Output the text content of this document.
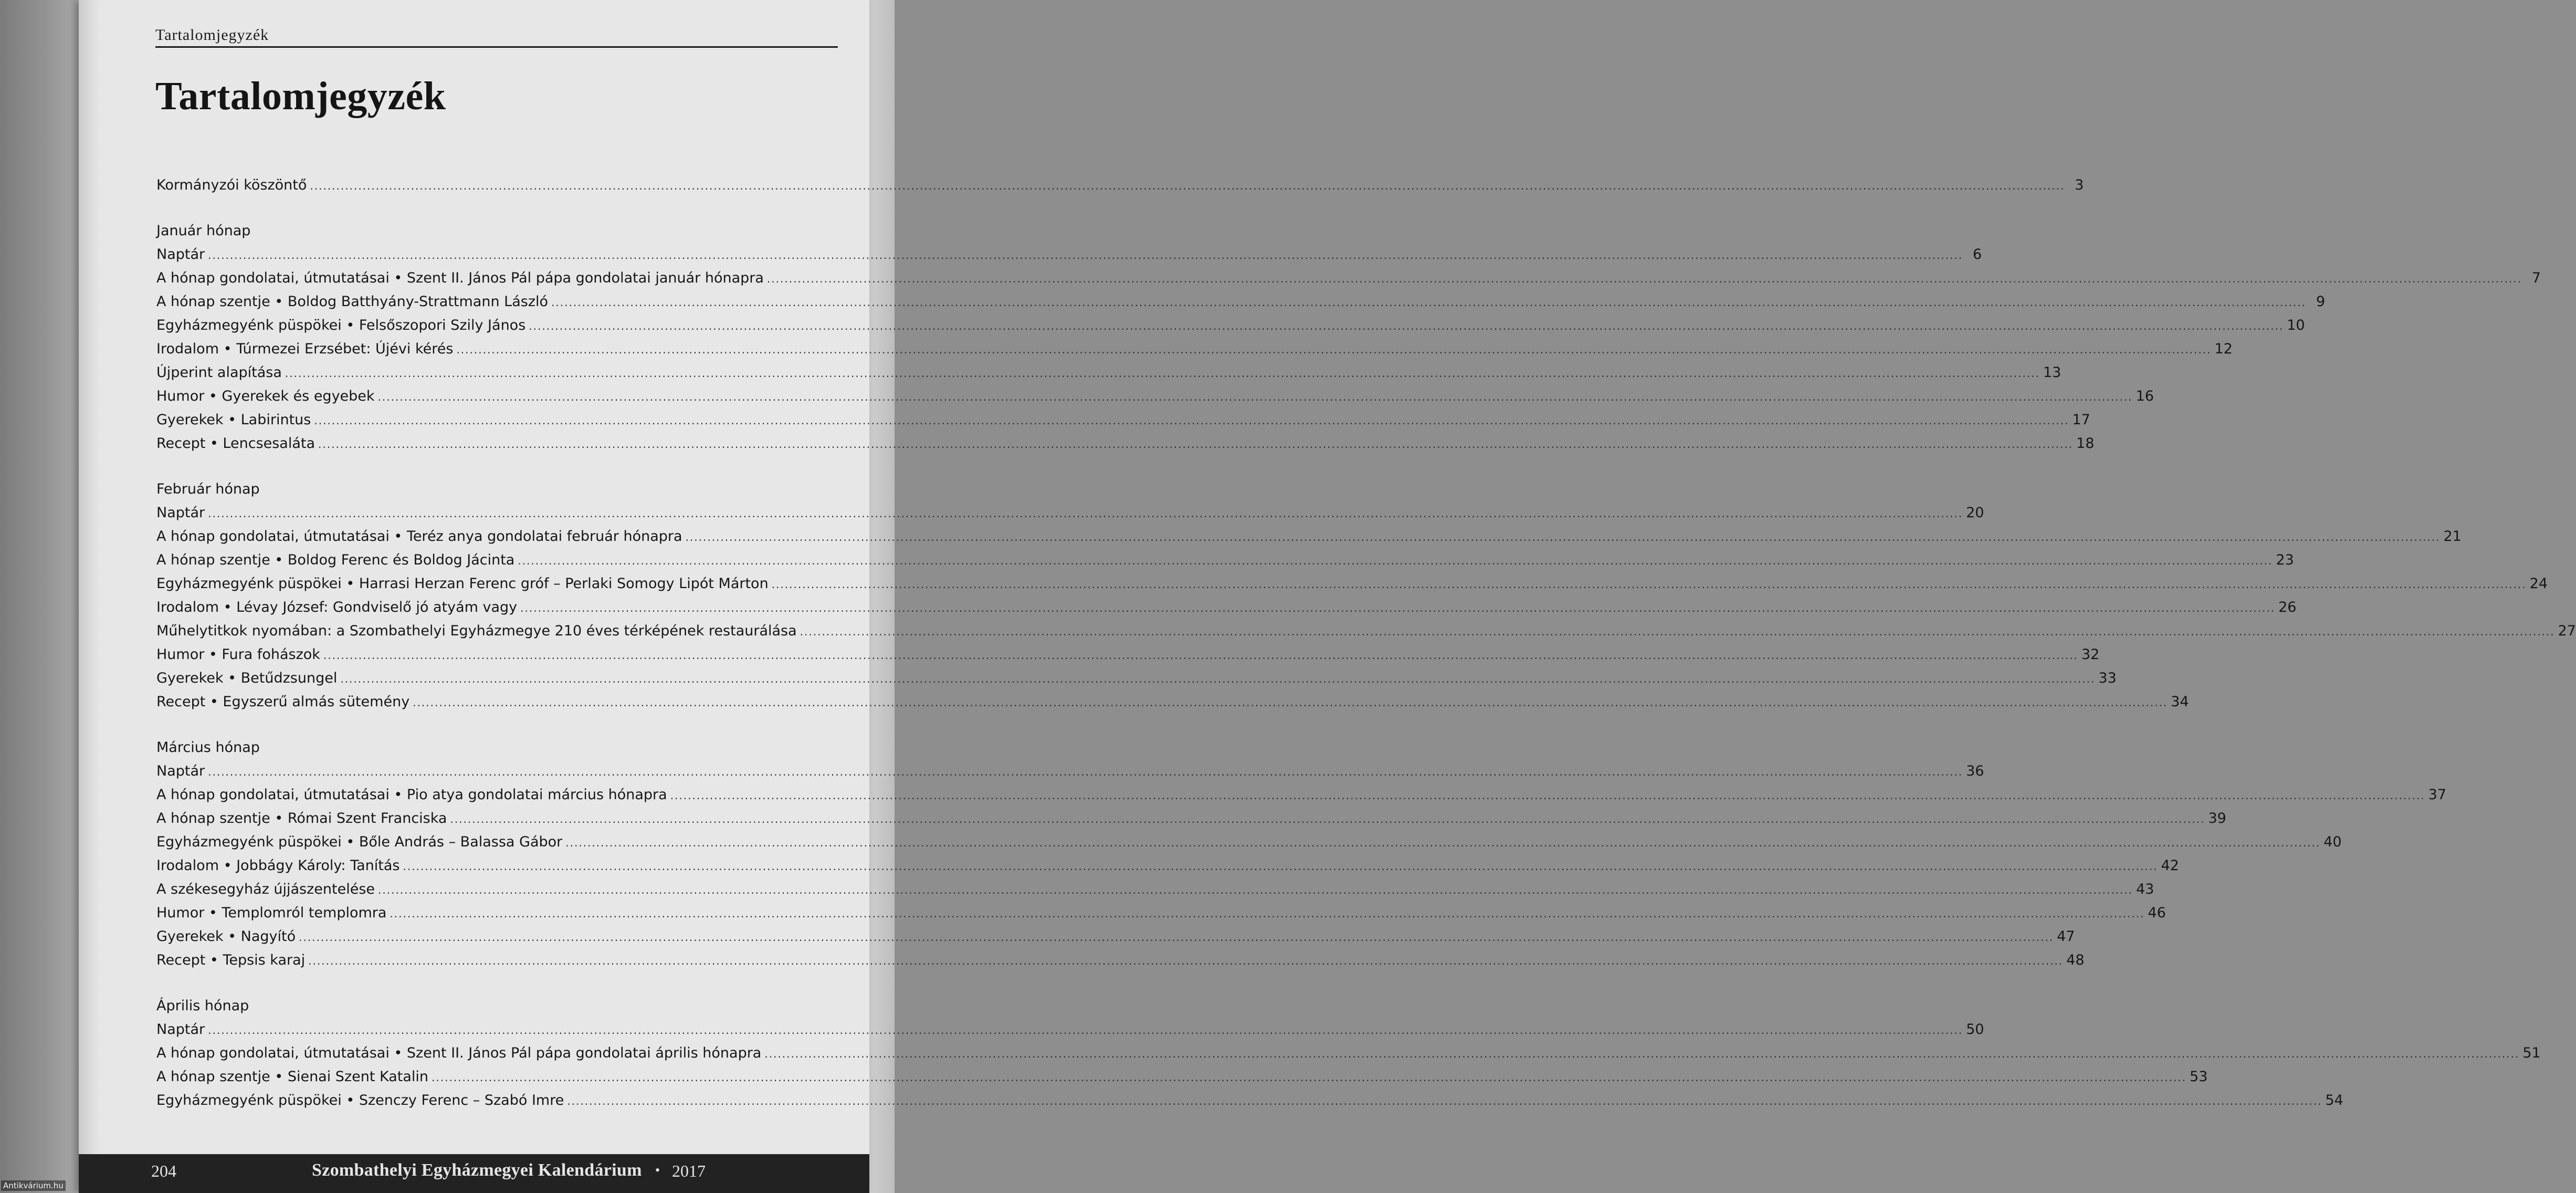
Tartalomjegyzék
Tartalomjegyzék
Kormányzói köszöntő ................................................................................................................................................................................................................................................................................................................................................................................................................ 3
Január hónap
Naptár ................................................................................................................................................................................................................................................................................................................................................................................................................ 6
A hónap gondolatai, útmutatásai • Szent II. János Pál pápa gondolatai január hónapra ................................................................................................................................................................................................................................................................................................................................................................................................................ 7
A hónap szentje • Boldog Batthyány-Strattmann László ................................................................................................................................................................................................................................................................................................................................................................................................................ 9
Egyházmegyénk püspökei • Felsőszopori Szily János ................................................................................................................................................................................................................................................................................................................................................................................................................ 10
Irodalom • Túrmezei Erzsébet: Újévi kérés ................................................................................................................................................................................................................................................................................................................................................................................................................ 12
Újperint alapítása ................................................................................................................................................................................................................................................................................................................................................................................................................ 13
Humor • Gyerekek és egyebek ................................................................................................................................................................................................................................................................................................................................................................................................................ 16
Gyerekek • Labirintus ................................................................................................................................................................................................................................................................................................................................................................................................................ 17
Recept • Lencsesaláta ................................................................................................................................................................................................................................................................................................................................................................................................................ 18
Február hónap
Naptár ................................................................................................................................................................................................................................................................................................................................................................................................................ 20
A hónap gondolatai, útmutatásai • Teréz anya gondolatai február hónapra ................................................................................................................................................................................................................................................................................................................................................................................................................ 21
A hónap szentje • Boldog Ferenc és Boldog Jácinta ................................................................................................................................................................................................................................................................................................................................................................................................................ 23
Egyházmegyénk püspökei • Harrasi Herzan Ferenc gróf – Perlaki Somogy Lipót Márton ................................................................................................................................................................................................................................................................................................................................................................................................................ 24
Irodalom • Lévay József: Gondviselő jó atyám vagy ................................................................................................................................................................................................................................................................................................................................................................................................................ 26
Műhelytitkok nyomában: a Szombathelyi Egyházmegye 210 éves térképének restaurálása ................................................................................................................................................................................................................................................................................................................................................................................................................ 27
Humor • Fura fohászok ................................................................................................................................................................................................................................................................................................................................................................................................................ 32
Gyerekek • Betűdzsungel ................................................................................................................................................................................................................................................................................................................................................................................................................ 33
Recept • Egyszerű almás sütemény ................................................................................................................................................................................................................................................................................................................................................................................................................ 34
Március hónap
Naptár ................................................................................................................................................................................................................................................................................................................................................................................................................ 36
A hónap gondolatai, útmutatásai • Pio atya gondolatai március hónapra ................................................................................................................................................................................................................................................................................................................................................................................................................ 37
A hónap szentje • Római Szent Franciska ................................................................................................................................................................................................................................................................................................................................................................................................................ 39
Egyházmegyénk püspökei • Bőle András – Balassa Gábor ................................................................................................................................................................................................................................................................................................................................................................................................................ 40
Irodalom • Jobbágy Károly: Tanítás ................................................................................................................................................................................................................................................................................................................................................................................................................ 42
A székesegyház újjászentelése ................................................................................................................................................................................................................................................................................................................................................................................................................ 43
Humor • Templomról templomra ................................................................................................................................................................................................................................................................................................................................................................................................................ 46
Gyerekek • Nagyító ................................................................................................................................................................................................................................................................................................................................................................................................................ 47
Recept • Tepsis karaj ................................................................................................................................................................................................................................................................................................................................................................................................................ 48
Április hónap
Naptár ................................................................................................................................................................................................................................................................................................................................................................................................................ 50
A hónap gondolatai, útmutatásai • Szent II. János Pál pápa gondolatai április hónapra ................................................................................................................................................................................................................................................................................................................................................................................................................ 51
A hónap szentje • Sienai Szent Katalin ................................................................................................................................................................................................................................................................................................................................................................................................................ 53
Egyházmegyénk püspökei • Szenczy Ferenc – Szabó Imre ................................................................................................................................................................................................................................................................................................................................................................................................................ 54
204	Szombathelyi Egyházmegyei Kalendárium • 2017
Antikvárium.hu
